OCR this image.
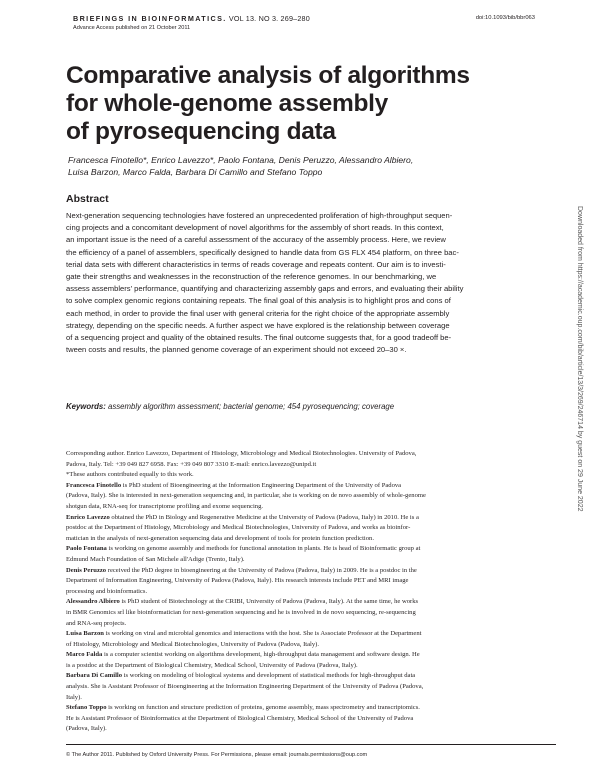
BRIEFINGS IN BIOINFORMATICS. VOL 13. NO 3. 269–280
Advance Access published on 21 October 2011
doi:10.1093/bib/bbr063
Comparative analysis of algorithms
for whole-genome assembly
of pyrosequencing data
Francesca Finotello*, Enrico Lavezzo*, Paolo Fontana, Denis Peruzzo, Alessandro Albiero,
Luisa Barzon, Marco Falda, Barbara Di Camillo and Stefano Toppo
Abstract
Next-generation sequencing technologies have fostered an unprecedented proliferation of high-throughput sequen-
cing projects and a concomitant development of novel algorithms for the assembly of short reads. In this context,
an important issue is the need of a careful assessment of the accuracy of the assembly process. Here, we review
the efficiency of a panel of assemblers, specifically designed to handle data from GS FLX 454 platform, on three bac-
terial data sets with different characteristics in terms of reads coverage and repeats content. Our aim is to investi-
gate their strengths and weaknesses in the reconstruction of the reference genomes. In our benchmarking, we
assess assemblers' performance, quantifying and characterizing assembly gaps and errors, and evaluating their ability
to solve complex genomic regions containing repeats. The final goal of this analysis is to highlight pros and cons of
each method, in order to provide the final user with general criteria for the right choice of the appropriate assembly
strategy, depending on the specific needs. A further aspect we have explored is the relationship between coverage
of a sequencing project and quality of the obtained results. The final outcome suggests that, for a good tradeoff be-
tween costs and results, the planned genome coverage of an experiment should not exceed 20–30 ×.
Keywords: assembly algorithm assessment; bacterial genome; 454 pyrosequencing; coverage
Corresponding author. Enrico Lavezzo, Department of Histology, Microbiology and Medical Biotechnologies. University of Padova,
Padova, Italy. Tel: +39 049 827 6958. Fax: +39 049 807 3310 E-mail: enrico.lavezzo@unipd.it
*These authors contributed equally to this work.
Francesca Finotello is PhD student of Bioengineering at the Information Engineering Department of the University of Padova
(Padova, Italy). She is interested in next-generation sequencing and, in particular, she is working on de novo assembly of whole-genome
shotgun data, RNA-seq for transcriptome profiling and exome sequencing.
Enrico Lavezzo obtained the PhD in Biology and Regenerative Medicine at the University of Padova (Padova, Italy) in 2010. He is a
postdoc at the Department of Histology, Microbiology and Medical Biotechnologies, University of Padova, and works as bioinfor-
matician in the analysis of next-generation sequencing data and development of tools for protein function prediction.
Paolo Fontana is working on genome assembly and methods for functional annotation in plants. He is head of Bioinformatic group at
Edmund Mach Foundation of San Michele all'Adige (Trento, Italy).
Denis Peruzzo received the PhD degree in bioengineering at the University of Padova (Padova, Italy) in 2009. He is a postdoc in the
Department of Information Engineering, University of Padova (Padova, Italy). His research interests include PET and MRI image
processing and bioinformatics.
Alessandro Albiero is PhD student of Biotechnology at the CRIBI, University of Padova (Padova, Italy). At the same time, he works
in BMR Genomics srl like bioinformatician for next-generation sequencing and he is involved in de novo sequencing, re-sequencing
and RNA-seq projects.
Luisa Barzon is working on viral and microbial genomics and interactions with the host. She is Associate Professor at the Department
of Histology, Microbiology and Medical Biotechnologies, University of Padova (Padova, Italy).
Marco Falda is a computer scientist working on algorithms development, high-throughput data management and software design. He
is a postdoc at the Department of Biological Chemistry, Medical School, University of Padova (Padova, Italy).
Barbara Di Camillo is working on modeling of biological systems and development of statistical methods for high-throughput data
analysis. She is Assistant Professor of Bioengineering at the Information Engineering Department of the University of Padova (Padova,
Italy).
Stefano Toppo is working on function and structure prediction of proteins, genome assembly, mass spectrometry and transcriptomics.
He is Assistant Professor of Bioinformatics at the Department of Biological Chemistry, Medical School of the University of Padova
(Padova, Italy).
© The Author 2011. Published by Oxford University Press. For Permissions, please email: journals.permissions@oup.com
Downloaded from https://academic.oup.com/bib/article/13/3/269/246714 by guest on 29 June 2022
